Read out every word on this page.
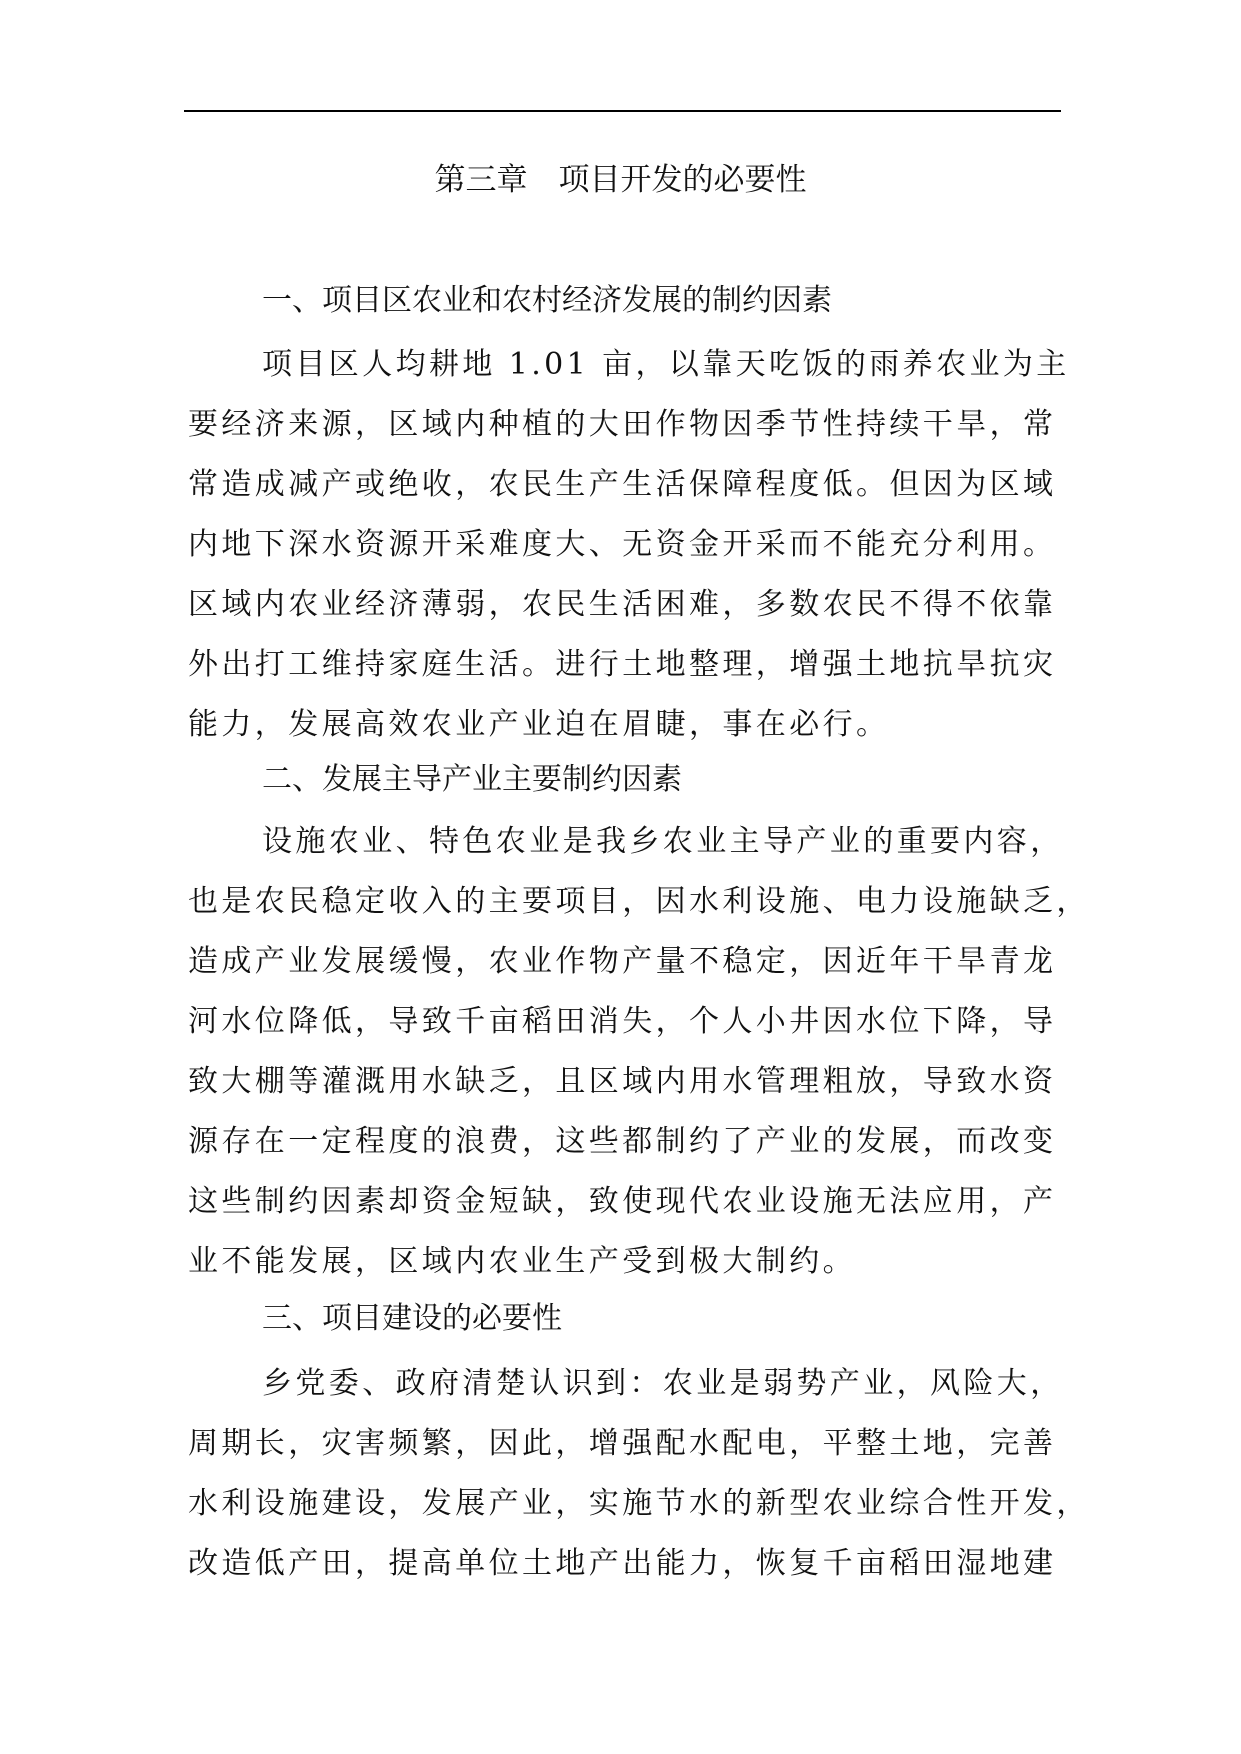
第三章　项目开发的必要性
一、项目区农业和农村经济发展的制约因素
项目区人均耕地 1.01 亩，以靠天吃饭的雨养农业为主
要经济来源，区域内种植的大田作物因季节性持续干旱，常
常造成减产或绝收，农民生产生活保障程度低。但因为区域
内地下深水资源开采难度大、无资金开采而不能充分利用。
区域内农业经济薄弱，农民生活困难，多数农民不得不依靠
外出打工维持家庭生活。进行土地整理，增强土地抗旱抗灾
能力，发展高效农业产业迫在眉睫，事在必行。
二、发展主导产业主要制约因素
设施农业、特色农业是我乡农业主导产业的重要内容，
也是农民稳定收入的主要项目，因水利设施、电力设施缺乏，
造成产业发展缓慢，农业作物产量不稳定，因近年干旱青龙
河水位降低，导致千亩稻田消失，个人小井因水位下降，导
致大棚等灌溉用水缺乏，且区域内用水管理粗放，导致水资
源存在一定程度的浪费，这些都制约了产业的发展，而改变
这些制约因素却资金短缺，致使现代农业设施无法应用，产
业不能发展，区域内农业生产受到极大制约。
三、项目建设的必要性
乡党委、政府清楚认识到：农业是弱势产业，风险大，
周期长，灾害频繁，因此，增强配水配电，平整土地，完善
水利设施建设，发展产业，实施节水的新型农业综合性开发，
改造低产田，提高单位土地产出能力，恢复千亩稻田湿地建
